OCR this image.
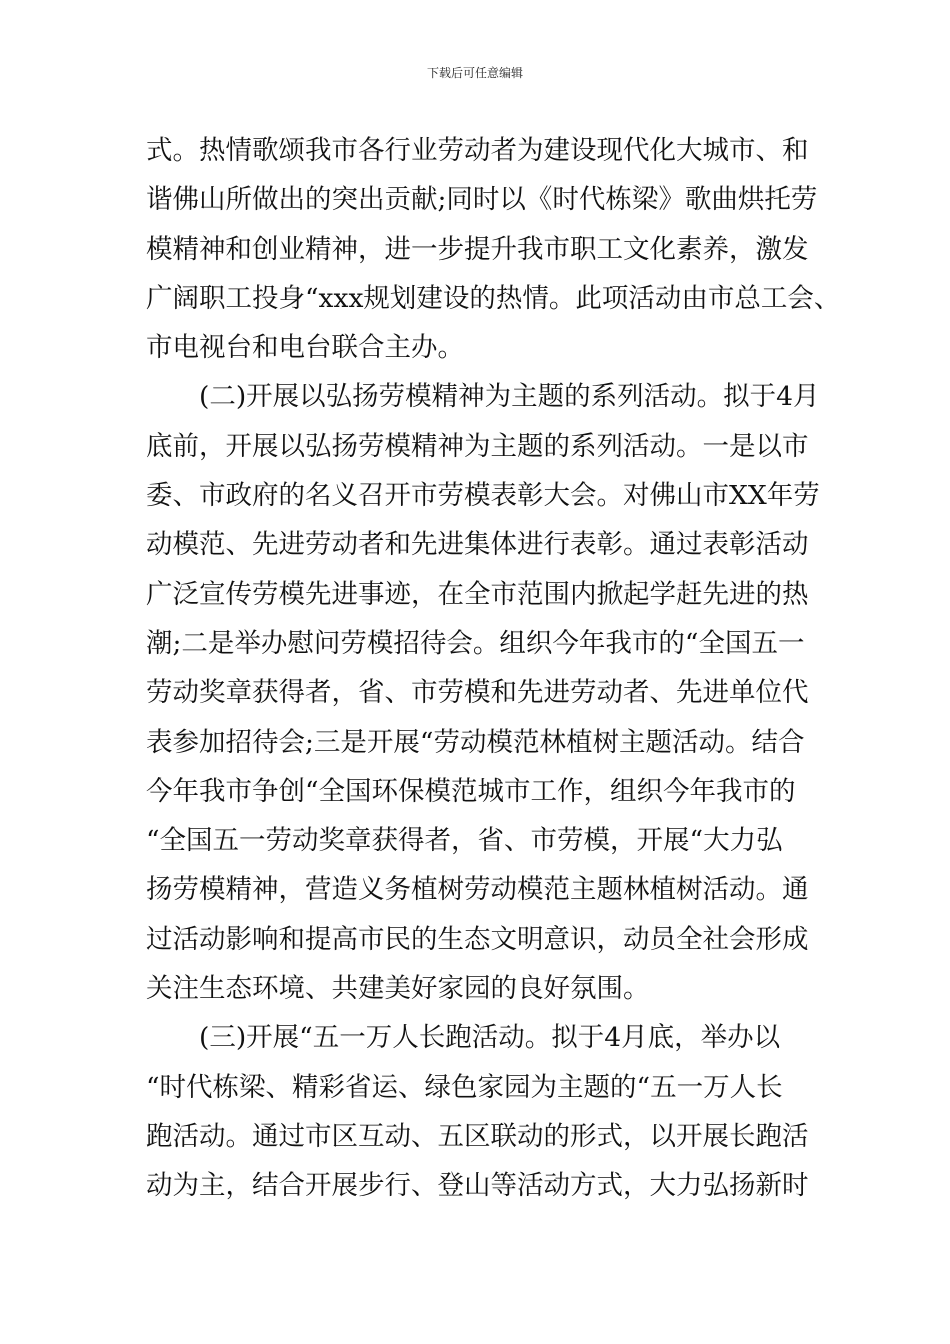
下载后可任意编辑
式。热情歌颂我市各行业劳动者为建设现代化大城市、和
谐佛山所做出的突出贡献;同时以《时代栋梁》歌曲烘托劳
模精神和创业精神，进一步提升我市职工文化素养，激发
广阔职工投身“xxx规划建设的热情。此项活动由市总工会、
市电视台和电台联合主办。
　　(二)开展以弘扬劳模精神为主题的系列活动。拟于4月
底前，开展以弘扬劳模精神为主题的系列活动。一是以市
委、市政府的名义召开市劳模表彰大会。对佛山市XX年劳
动模范、先进劳动者和先进集体进行表彰。通过表彰活动
广泛宣传劳模先进事迹，在全市范围内掀起学赶先进的热
潮;二是举办慰问劳模招待会。组织今年我市的“全国五一
劳动奖章获得者，省、市劳模和先进劳动者、先进单位代
表参加招待会;三是开展“劳动模范林植树主题活动。结合
今年我市争创“全国环保模范城市工作，组织今年我市的
“全国五一劳动奖章获得者，省、市劳模，开展“大力弘
扬劳模精神，营造义务植树劳动模范主题林植树活动。通
过活动影响和提高市民的生态文明意识，动员全社会形成
关注生态环境、共建美好家园的良好氛围。
　　(三)开展“五一万人长跑活动。拟于4月底，举办以
“时代栋梁、精彩省运、绿色家园为主题的“五一万人长
跑活动。通过市区互动、五区联动的形式，以开展长跑活
动为主，结合开展步行、登山等活动方式，大力弘扬新时
